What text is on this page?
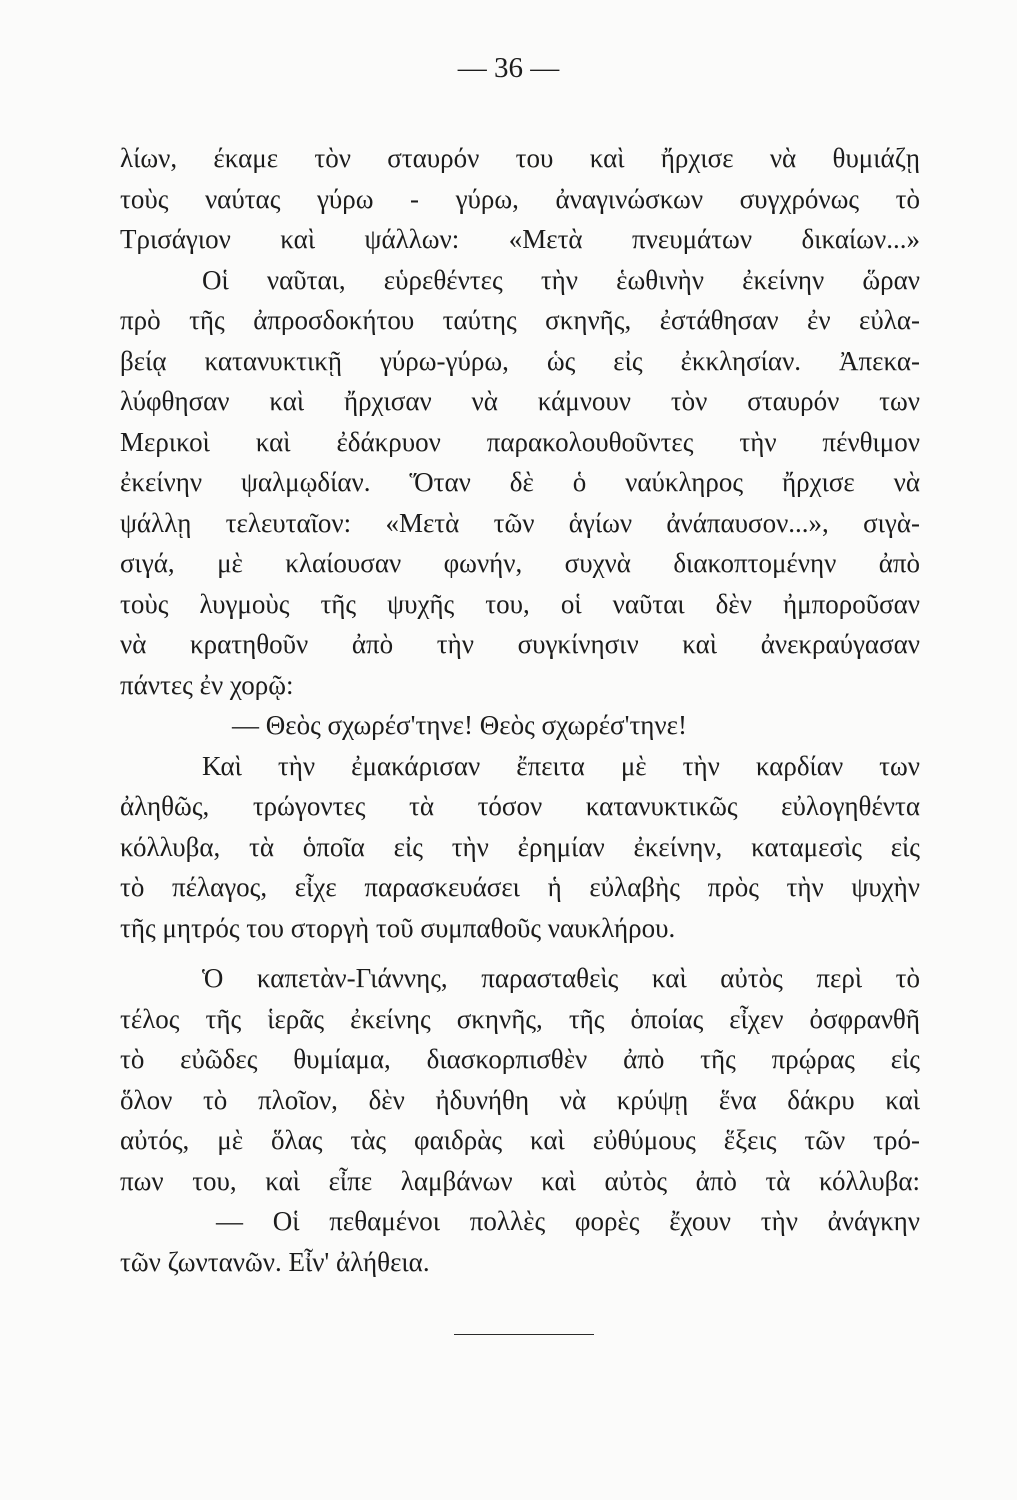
— 36 —
λίων, έκαμε τὸν σταυρόν του καὶ ἤρχισε νὰ θυμιάζῃ
τοὺς ναύτας γύρω - γύρω, ἀναγινώσκων συγχρόνως τὸ
Τρισάγιον καὶ ψάλλων: «Μετὰ πνευμάτων δικαίων...»
Οἱ ναῦται, εὑρεθέντες τὴν ἑωθινὴν ἐκείνην ὥραν
πρὸ τῆς ἀπροσδοκήτου ταύτης σκηνῆς, ἐστάθησαν ἐν εὐλα-
βείᾳ κατανυκτικῇ γύρω-γύρω, ὡς εἰς ἐκκλησίαν. Ἀπεκα-
λύφθησαν καὶ ἤρχισαν νὰ κάμνουν τὸν σταυρόν των
Μερικοὶ καὶ ἐδάκρυον παρακολουθοῦντες τὴν πένθιμον
ἐκείνην ψαλμῳδίαν. Ὅταν δὲ ὁ ναύκληρος ἤρχισε νὰ
ψάλλῃ τελευταῖον: «Μετὰ τῶν ἁγίων ἀνάπαυσον...», σιγὰ-
σιγά, μὲ κλαίουσαν φωνήν, συχνὰ διακοπτομένην ἀπὸ
τοὺς λυγμοὺς τῆς ψυχῆς του, οἱ ναῦται δὲν ἠμποροῦσαν
νὰ κρατηθοῦν ἀπὸ τὴν συγκίνησιν καὶ ἀνεκραύγασαν
πάντες ἐν χορῷ:
— Θεὸς σχωρέσ'τηνε! Θεὸς σχωρέσ'τηνε!
Καὶ τὴν ἐμακάρισαν ἔπειτα μὲ τὴν καρδίαν των
ἀληθῶς, τρώγοντες τὰ τόσον κατανυκτικῶς εὐλογηθέντα
κόλλυβα, τὰ ὁποῖα εἰς τὴν ἐρημίαν ἐκείνην, καταμεσὶς εἰς
τὸ πέλαγος, εἶχε παρασκευάσει ἡ εὐλαβὴς πρὸς τὴν ψυχὴν
τῆς μητρός του στοργὴ τοῦ συμπαθοῦς ναυκλήρου.
Ὁ καπετὰν-Γιάννης, παρασταθεὶς καὶ αὐτὸς περὶ τὸ
τέλος τῆς ἱερᾶς ἐκείνης σκηνῆς, τῆς ὁποίας εἶχεν ὀσφρανθῆ
τὸ εὐῶδες θυμίαμα, διασκορπισθὲν ἀπὸ τῆς πρῴρας εἰς
ὅλον τὸ πλοῖον, δὲν ἠδυνήθη νὰ κρύψῃ ἕνα δάκρυ καὶ
αὐτός, μὲ ὅλας τὰς φαιδρὰς καὶ εὐθύμους ἕξεις τῶν τρό-
πων του, καὶ εἶπε λαμβάνων καὶ αὐτὸς ἀπὸ τὰ κόλλυβα:
— Οἱ πεθαμένοι πολλὲς φορὲς ἔχουν τὴν ἀνάγκην
τῶν ζωντανῶν. Εἶν' ἀλήθεια.
